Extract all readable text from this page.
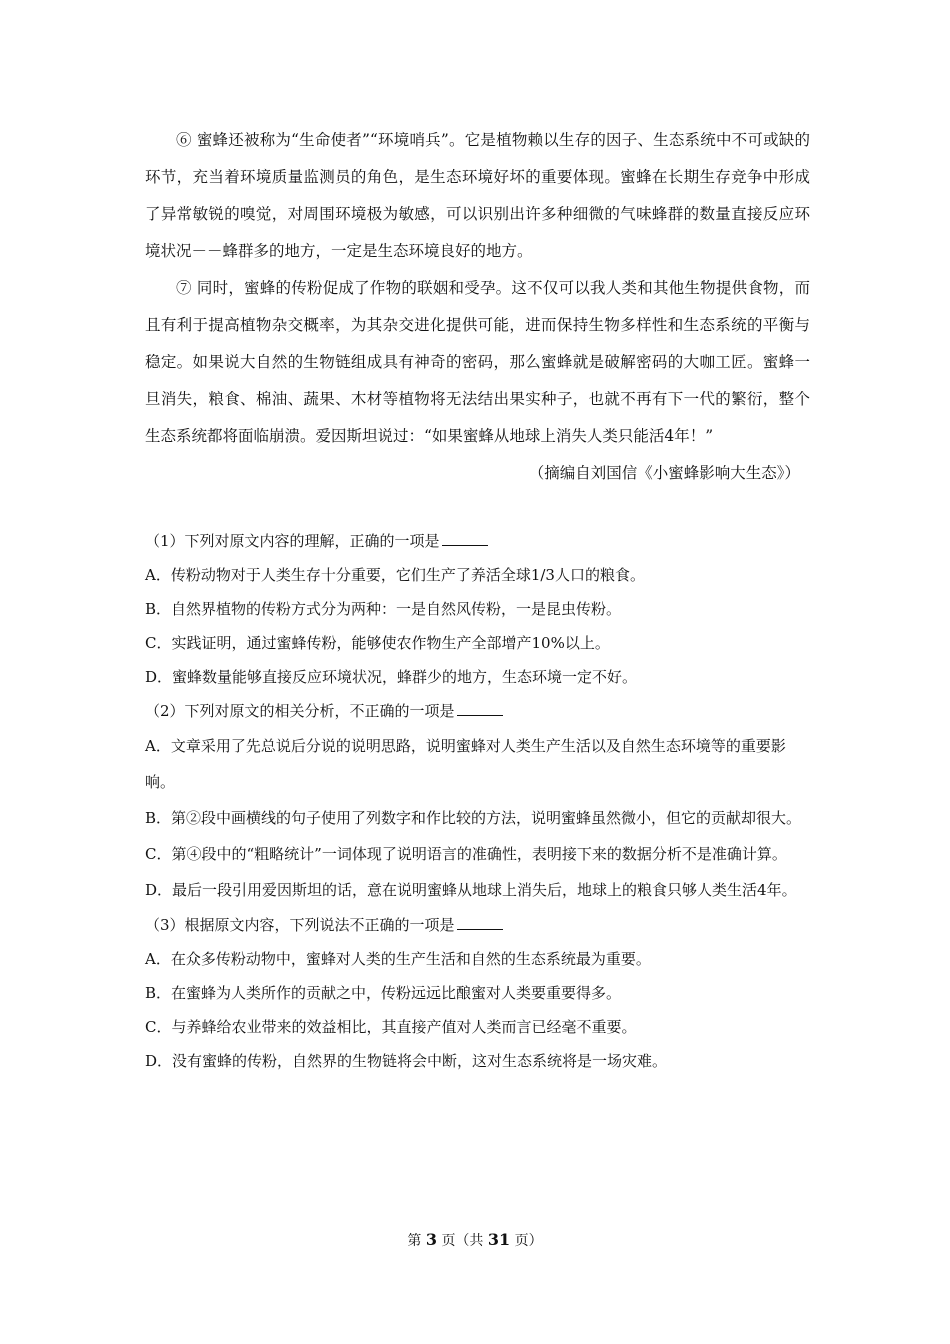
⑥ 蜜蜂还被称为“生命使者”“环境哨兵”。它是植物赖以生存的因子、生态系统中不可或缺的环节，充当着环境质量监测员的角色，是生态环境好坏的重要体现。蜜蜂在长期生存竞争中形成了异常敏锐的嗅觉，对周围环境极为敏感，可以识别出许多种细微的气味蜂群的数量直接反应环境状况－－蜂群多的地方，一定是生态环境良好的地方。

⑦ 同时，蜜蜂的传粉促成了作物的联姻和受孕。这不仅可以我人类和其他生物提供食物，而且有利于提高植物杂交概率，为其杂交进化提供可能，进而保持生物多样性和生态系统的平衡与稳定。如果说大自然的生物链组成具有神奇的密码，那么蜜蜂就是破解密码的大咖工匠。蜜蜂一旦消失，粮食、棉油、蔬果、木材等植物将无法结出果实种子，也就不再有下一代的繁衍，整个生态系统都将面临崩溃。爱因斯坦说过：“如果蜜蜂从地球上消失人类只能活4年！”

（摘编自刘国信《小蜜蜂影响大生态》）

（1）下列对原文内容的理解，正确的一项是

A．传粉动物对于人类生存十分重要，它们生产了养活全球1/3人口的粮食。

B．自然界植物的传粉方式分为两种：一是自然风传粉，一是昆虫传粉。

C．实践证明，通过蜜蜂传粉，能够使农作物生产全部增产10%以上。

D．蜜蜂数量能够直接反应环境状况，蜂群少的地方，生态环境一定不好。

（2）下列对原文的相关分析，不正确的一项是

A．文章采用了先总说后分说的说明思路，说明蜜蜂对人类生产生活以及自然生态环境等的重要影响。

B．第②段中画横线的句子使用了列数字和作比较的方法，说明蜜蜂虽然微小，但它的贡献却很大。

C．第④段中的“粗略统计”一词体现了说明语言的准确性，表明接下来的数据分析不是准确计算。

D．最后一段引用爱因斯坦的话，意在说明蜜蜂从地球上消失后，地球上的粮食只够人类生活4年。

（3）根据原文内容，下列说法不正确的一项是

A．在众多传粉动物中，蜜蜂对人类的生产生活和自然的生态系统最为重要。

B．在蜜蜂为人类所作的贡献之中，传粉远远比酿蜜对人类要重要得多。

C．与养蜂给农业带来的效益相比，其直接产值对人类而言已经毫不重要。

D．没有蜜蜂的传粉，自然界的生物链将会中断，这对生态系统将是一场灾难。

第 3 页（共 31 页）
